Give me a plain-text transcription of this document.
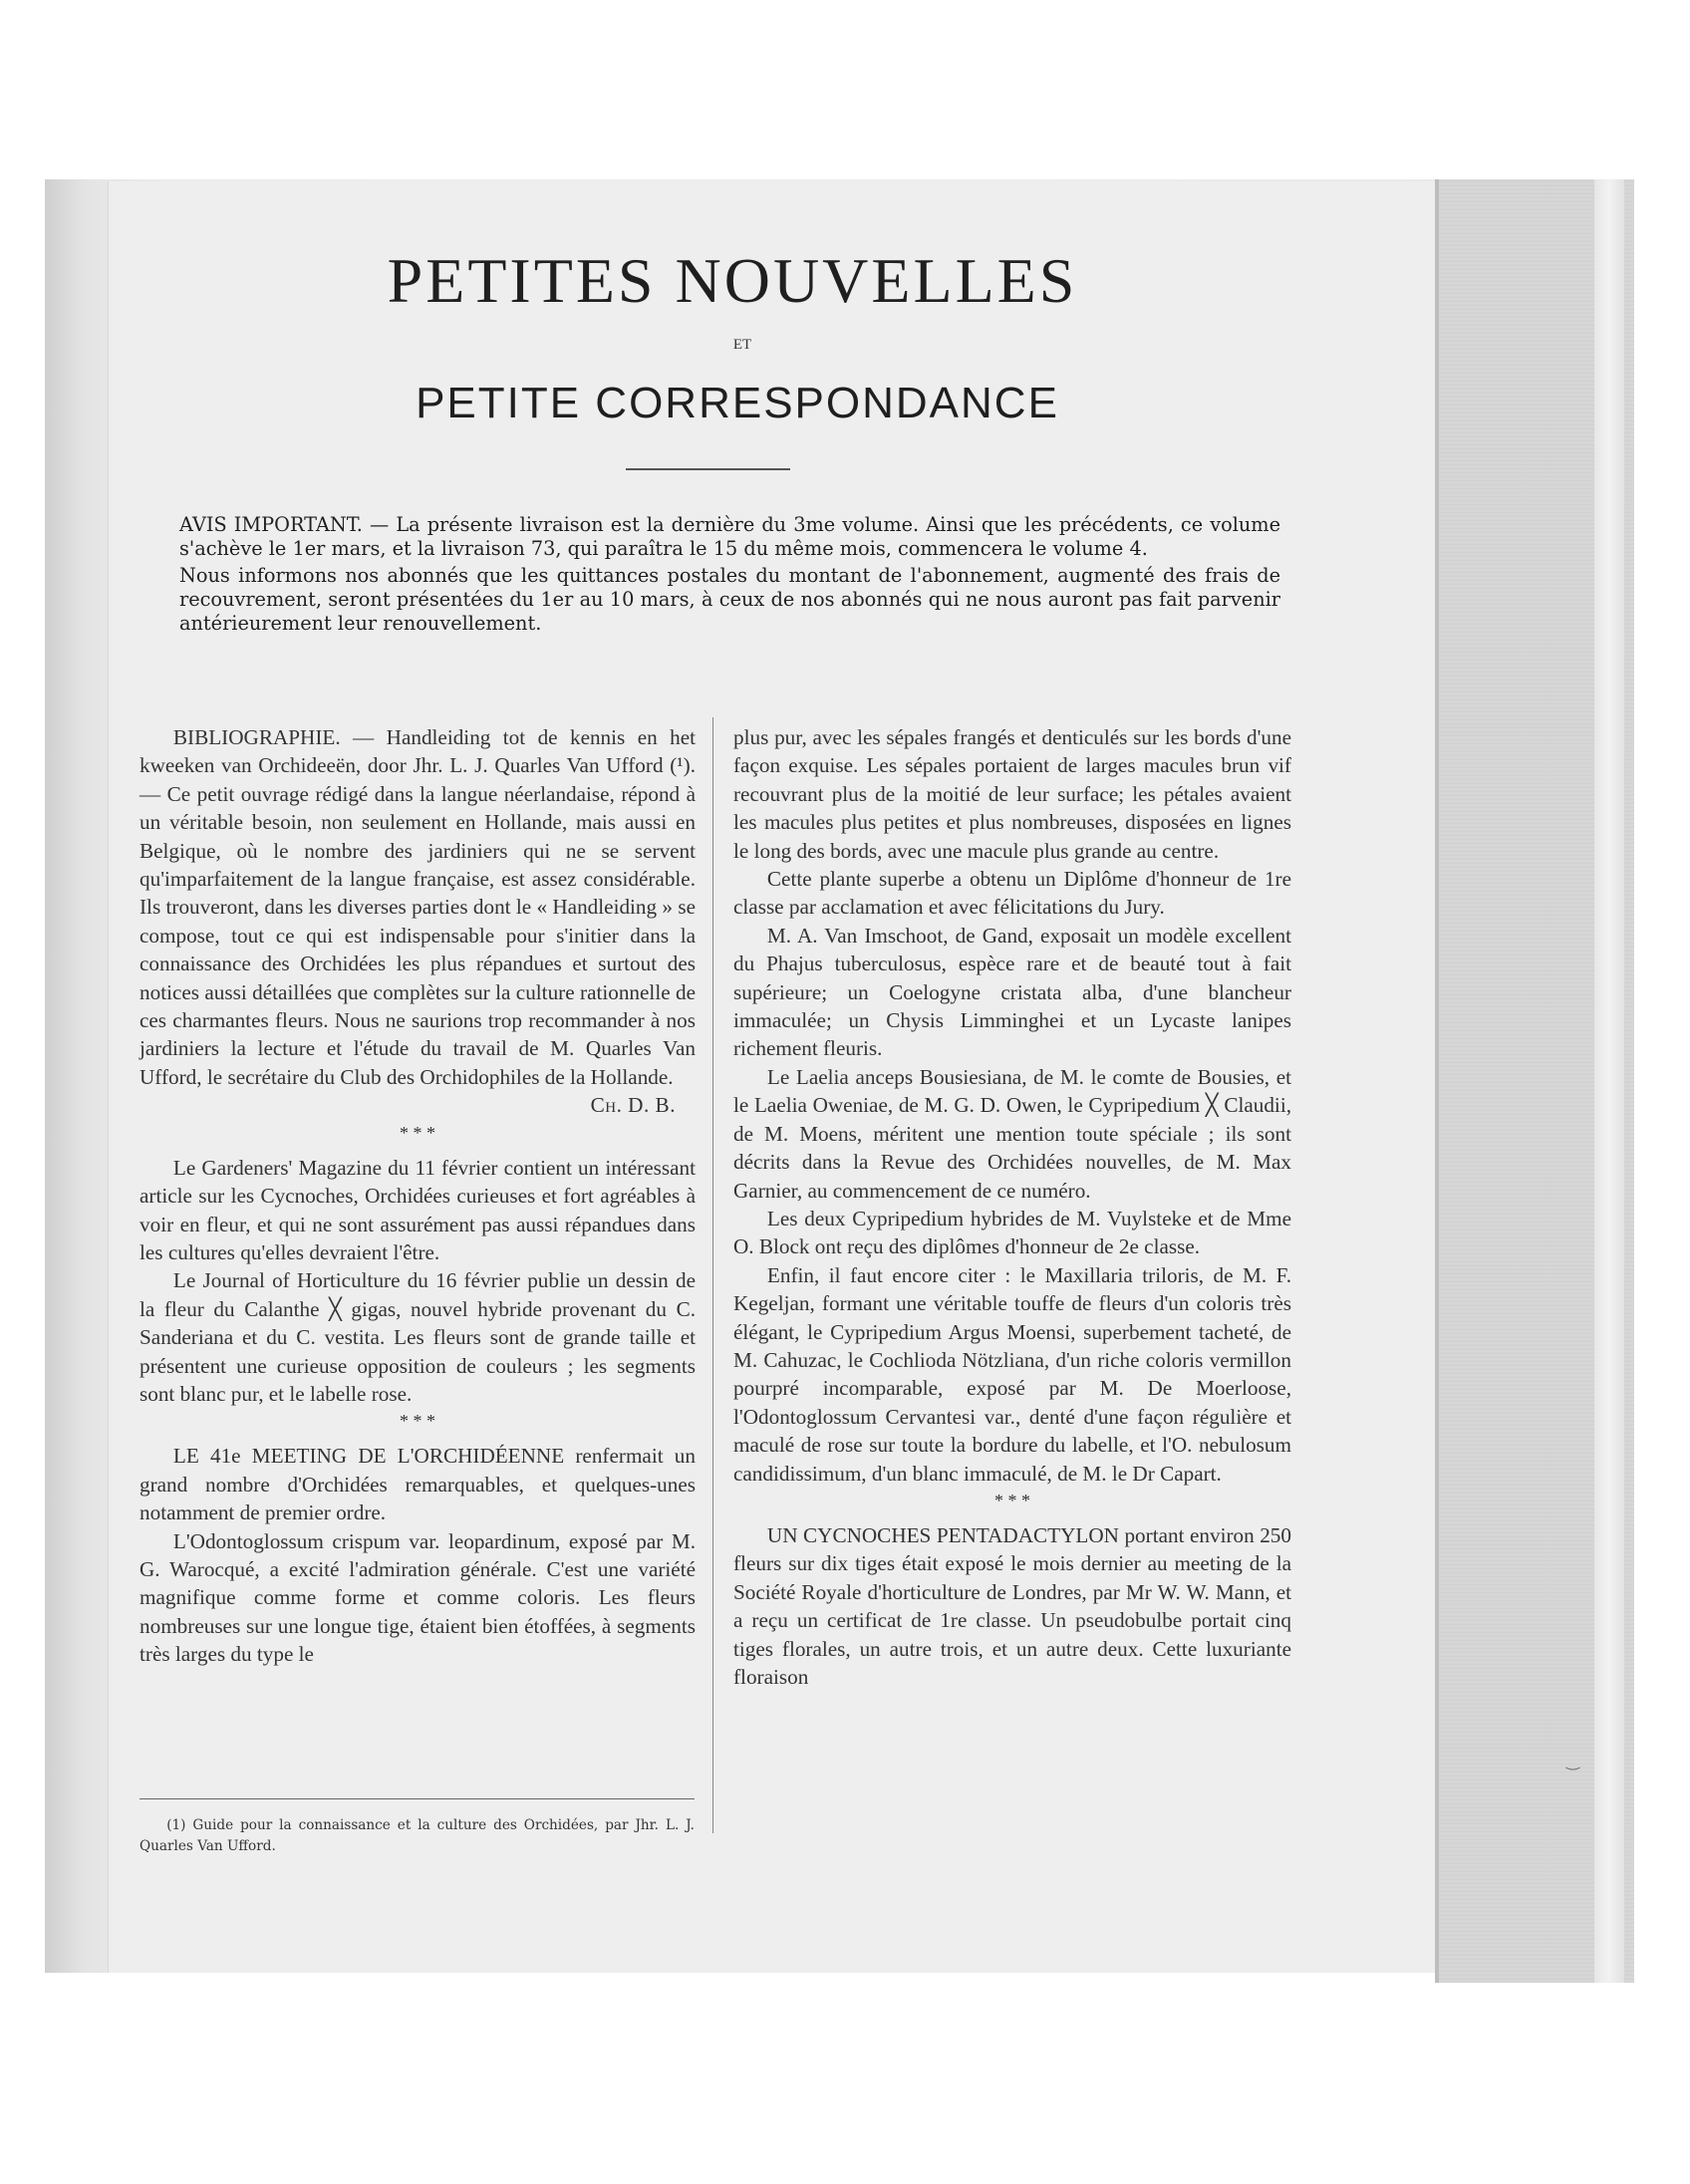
PETITES NOUVELLES
ET
PETITE CORRESPONDANCE

AVIS IMPORTANT. — La présente livraison est la dernière du 3me volume. Ainsi que les précédents, ce volume s'achève le 1er mars, et la livraison 73, qui paraîtra le 15 du même mois, commencera le volume 4.

Nous informons nos abonnés que les quittances postales du montant de l'abonnement, augmenté des frais de recouvrement, seront présentées du 1er au 10 mars, à ceux de nos abonnés qui ne nous auront pas fait parvenir antérieurement leur renouvellement.

BIBLIOGRAPHIE. — Handleiding tot de kennis en het kweeken van Orchideeën, door Jhr. L. J. Quarles Van Ufford (¹). — Ce petit ouvrage rédigé dans la langue néerlandaise, répond à un véritable besoin, non seulement en Hollande, mais aussi en Belgique, où le nombre des jardiniers qui ne se servent qu'imparfaitement de la langue française, est assez considérable. Ils trouveront, dans les diverses parties dont le « Handleiding » se compose, tout ce qui est indispensable pour s'initier dans la connaissance des Orchidées les plus répandues et surtout des notices aussi détaillées que complètes sur la culture rationnelle de ces charmantes fleurs. Nous ne saurions trop recommander à nos jardiniers la lecture et l'étude du travail de M. Quarles Van Ufford, le secrétaire du Club des Orchidophiles de la Hollande.
Ch. D. B.

* * *

Le Gardeners' Magazine du 11 février contient un intéressant article sur les Cycnoches, Orchidées curieuses et fort agréables à voir en fleur, et qui ne sont assurément pas aussi répandues dans les cultures qu'elles devraient l'être.

Le Journal of Horticulture du 16 février publie un dessin de la fleur du Calanthe ╳ gigas, nouvel hybride provenant du C. Sanderiana et du C. vestita. Les fleurs sont de grande taille et présentent une curieuse opposition de couleurs ; les segments sont blanc pur, et le labelle rose.

* * *

LE 41e MEETING DE L'ORCHIDÉENNE renfermait un grand nombre d'Orchidées remarquables, et quelques-unes notamment de premier ordre.

L'Odontoglossum crispum var. leopardinum, exposé par M. G. Warocqué, a excité l'admiration générale. C'est une variété magnifique comme forme et comme coloris. Les fleurs nombreuses sur une longue tige, étaient bien étoffées, à segments très larges du type le

plus pur, avec les sépales frangés et denticulés sur les bords d'une façon exquise. Les sépales portaient de larges macules brun vif recouvrant plus de la moitié de leur surface; les pétales avaient les macules plus petites et plus nombreuses, disposées en lignes le long des bords, avec une macule plus grande au centre.

Cette plante superbe a obtenu un Diplôme d'honneur de 1re classe par acclamation et avec félicitations du Jury.

M. A. Van Imschoot, de Gand, exposait un modèle excellent du Phajus tuberculosus, espèce rare et de beauté tout à fait supérieure; un Coelogyne cristata alba, d'une blancheur immaculée; un Chysis Limminghei et un Lycaste lanipes richement fleuris.

Le Laelia anceps Bousiesiana, de M. le comte de Bousies, et le Laelia Oweniae, de M. G. D. Owen, le Cypripedium ╳ Claudii, de M. Moens, méritent une mention toute spéciale ; ils sont décrits dans la Revue des Orchidées nouvelles, de M. Max Garnier, au commencement de ce numéro.

Les deux Cypripedium hybrides de M. Vuylsteke et de Mme O. Block ont reçu des diplômes d'honneur de 2e classe.

Enfin, il faut encore citer : le Maxillaria triloris, de M. F. Kegeljan, formant une véritable touffe de fleurs d'un coloris très élégant, le Cypripedium Argus Moensi, superbement tacheté, de M. Cahuzac, le Cochlioda Nötzliana, d'un riche coloris vermillon pourpré incomparable, exposé par M. De Moerloose, l'Odontoglossum Cervantesi var., denté d'une façon régulière et maculé de rose sur toute la bordure du labelle, et l'O. nebulosum candidissimum, d'un blanc immaculé, de M. le Dr Capart.

* * *

UN CYCNOCHES PENTADACTYLON portant environ 250 fleurs sur dix tiges était exposé le mois dernier au meeting de la Société Royale d'horticulture de Londres, par Mr W. W. Mann, et a reçu un certificat de 1re classe. Un pseudobulbe portait cinq tiges florales, un autre trois, et un autre deux. Cette luxuriante floraison

(1) Guide pour la connaissance et la culture des Orchidées, par Jhr. L. J. Quarles Van Ufford.
‿
